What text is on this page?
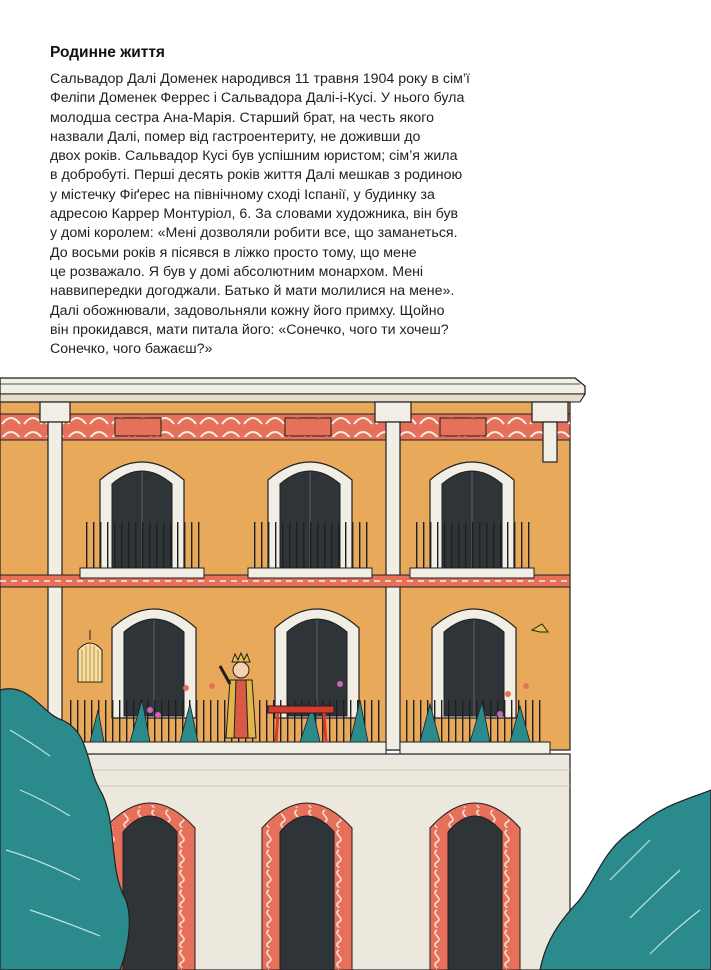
Родинне життя

Сальвадор Далі Доменек народився 11 травня 1904 року в сім’ї
Феліпи Доменек Феррес і Сальвадора Далі-і-Кусі. У нього була
молодша сестра Ана-Марія. Старший брат, на честь якого
назвали Далі, помер від гастроентериту, не доживши до
двох років. Сальвадор Кусі був успішним юристом; сім’я жила
в добробуті. Перші десять років життя Далі мешкав з родиною
у містечку Фіґерес на північному сході Іспанії, у будинку за
адресою Каррер Монтуріол, 6. За словами художника, він був
у домі королем: «Мені дозволяли робити все, що заманеться.
До восьми років я пісявся в ліжко просто тому, що мене
це розважало. Я був у домі абсолютним монархом. Мені
наввипередки догоджали. Батько й мати молилися на мене».
Далі обожнювали, задовольняли кожну його примху. Щойно
він прокидався, мати питала його: «Сонечко, чого ти хочеш?
Сонечко, чого бажаєш?»
